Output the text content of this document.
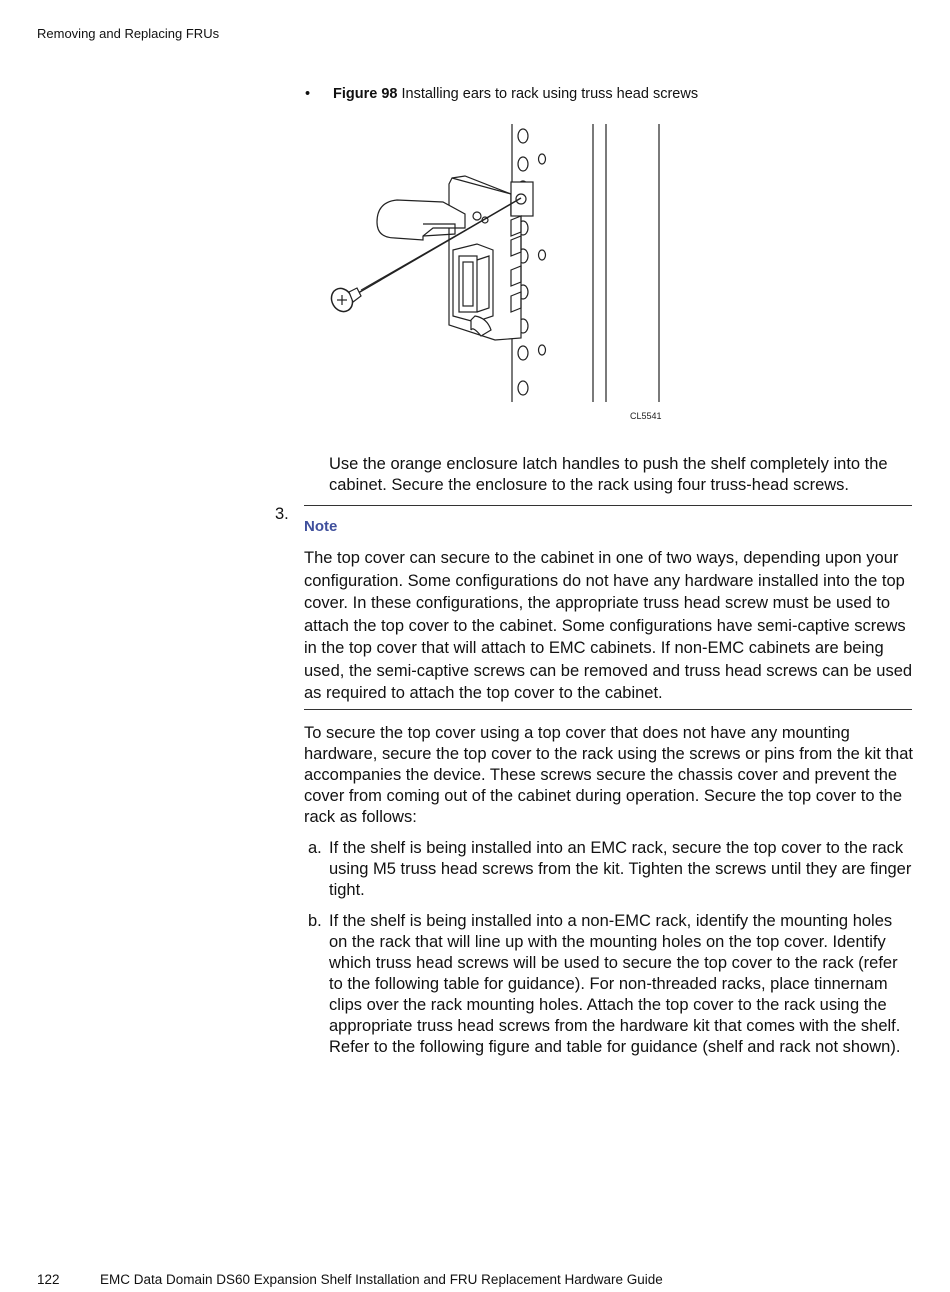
Removing and Replacing FRUs
• Figure 98 Installing ears to rack using truss head screws
CL5541
Use the orange enclosure latch handles to push the shelf completely into the cabinet. Secure the enclosure to the rack using four truss-head screws.
3.
Note
The top cover can secure to the cabinet in one of two ways, depending upon your configuration. Some configurations do not have any hardware installed into the top cover. In these configurations, the appropriate truss head screw must be used to attach the top cover to the cabinet. Some configurations have semi-captive screws in the top cover that will attach to EMC cabinets. If non-EMC cabinets are being used, the semi-captive screws can be removed and truss head screws can be used as required to attach the top cover to the cabinet.
To secure the top cover using a top cover that does not have any mounting hardware, secure the top cover to the rack using the screws or pins from the kit that accompanies the device. These screws secure the chassis cover and prevent the cover from coming out of the cabinet during operation. Secure the top cover to the rack as follows:
a. If the shelf is being installed into an EMC rack, secure the top cover to the rack using M5 truss head screws from the kit. Tighten the screws until they are finger tight.
b. If the shelf is being installed into a non-EMC rack, identify the mounting holes on the rack that will line up with the mounting holes on the top cover. Identify which truss head screws will be used to secure the top cover to the rack (refer to the following table for guidance). For non-threaded racks, place tinnernam clips over the rack mounting holes. Attach the top cover to the rack using the appropriate truss head screws from the hardware kit that comes with the shelf. Refer to the following figure and table for guidance (shelf and rack not shown).
122	EMC Data Domain DS60 Expansion Shelf Installation and FRU Replacement Hardware Guide
